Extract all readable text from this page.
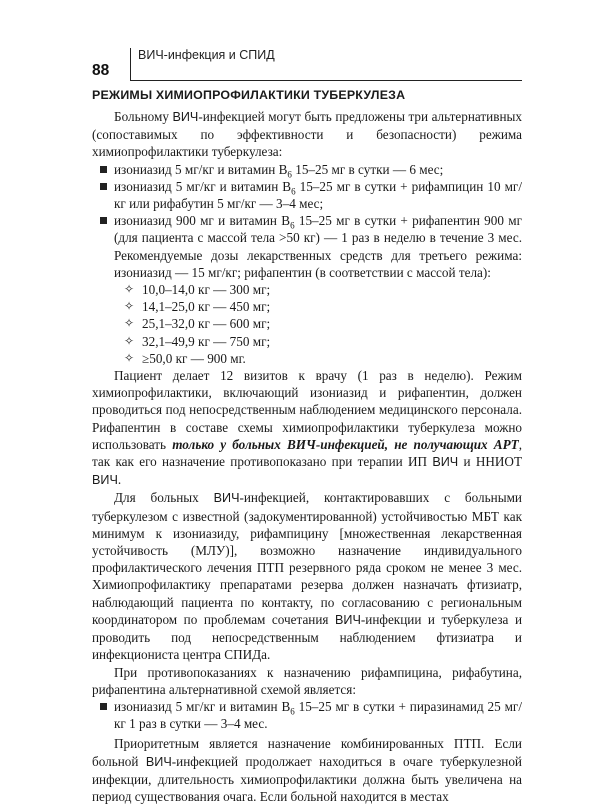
88
ВИЧ-инфекция и СПИД
РЕЖИМЫ ХИМИОПРОФИЛАКТИКИ ТУБЕРКУЛЕЗА

Больному ВИЧ-инфекцией могут быть предложены три альтернативных (сопоставимых по эффективности и безопасности) режима химиопрофилактики туберкулеза:

изониазид 5 мг/кг и витамин $B_6$ 15–25 мг в сутки — 6 мес;
изониазид 5 мг/кг и витамин $B_6$ 15–25 мг в сутки + рифампицин 10 мг/кг или рифабутин 5 мг/кг — 3–4 мес;
изониазид 900 мг и витамин $B_6$ 15–25 мг в сутки + рифапентин 900 мг (для пациента с массой тела >50 кг) — 1 раз в неделю в течение 3 мес. Рекомендуемые дозы лекарственных средств для третьего режима: изониазид — 15 мг/кг; рифапентин (в соответствии с массой тела):
✧ 10,0–14,0 кг — 300 мг;
✧ 14,1–25,0 кг — 450 мг;
✧ 25,1–32,0 кг — 600 мг;
✧ 32,1–49,9 кг — 750 мг;
✧ ≥50,0 кг — 900 мг.

Пациент делает 12 визитов к врачу (1 раз в неделю). Режим химиопрофилактики, включающий изониазид и рифапентин, должен проводиться под непосредственным наблюдением медицинского персонала. Рифапентин в составе схемы химиопрофилактики туберкулеза можно использовать только у больных ВИЧ-инфекцией, не получающих АРТ, так как его назначение противопоказано при терапии ИП ВИЧ и ННИОТ ВИЧ.

Для больных ВИЧ-инфекцией, контактировавших с больными туберкулезом с известной (задокументированной) устойчивостью МБТ как минимум к изониазиду, рифампицину [множественная лекарственная устойчивость (МЛУ)], возможно назначение индивидуального профилактического лечения ПТП резервного ряда сроком не менее 3 мес. Химиопрофилактику препаратами резерва должен назначать фтизиатр, наблюдающий пациента по контакту, по согласованию с региональным координатором по проблемам сочетания ВИЧ-инфекции и туберкулеза и проводить под непосредственным наблюдением фтизиатра и инфекциониста центра СПИДа.

При противопоказаниях к назначению рифампицина, рифабутина, рифапентина альтернативной схемой является:

изониазид 5 мг/кг и витамин $B_6$ 15–25 мг в сутки + пиразинамид 25 мг/кг 1 раз в сутки — 3–4 мес.

Приоритетным является назначение комбинированных ПТП. Если больной ВИЧ-инфекцией продолжает находиться в очаге туберкулезной инфекции, длительность химиопрофилактики должна быть увеличена на период существования очага. Если больной находится в местах
